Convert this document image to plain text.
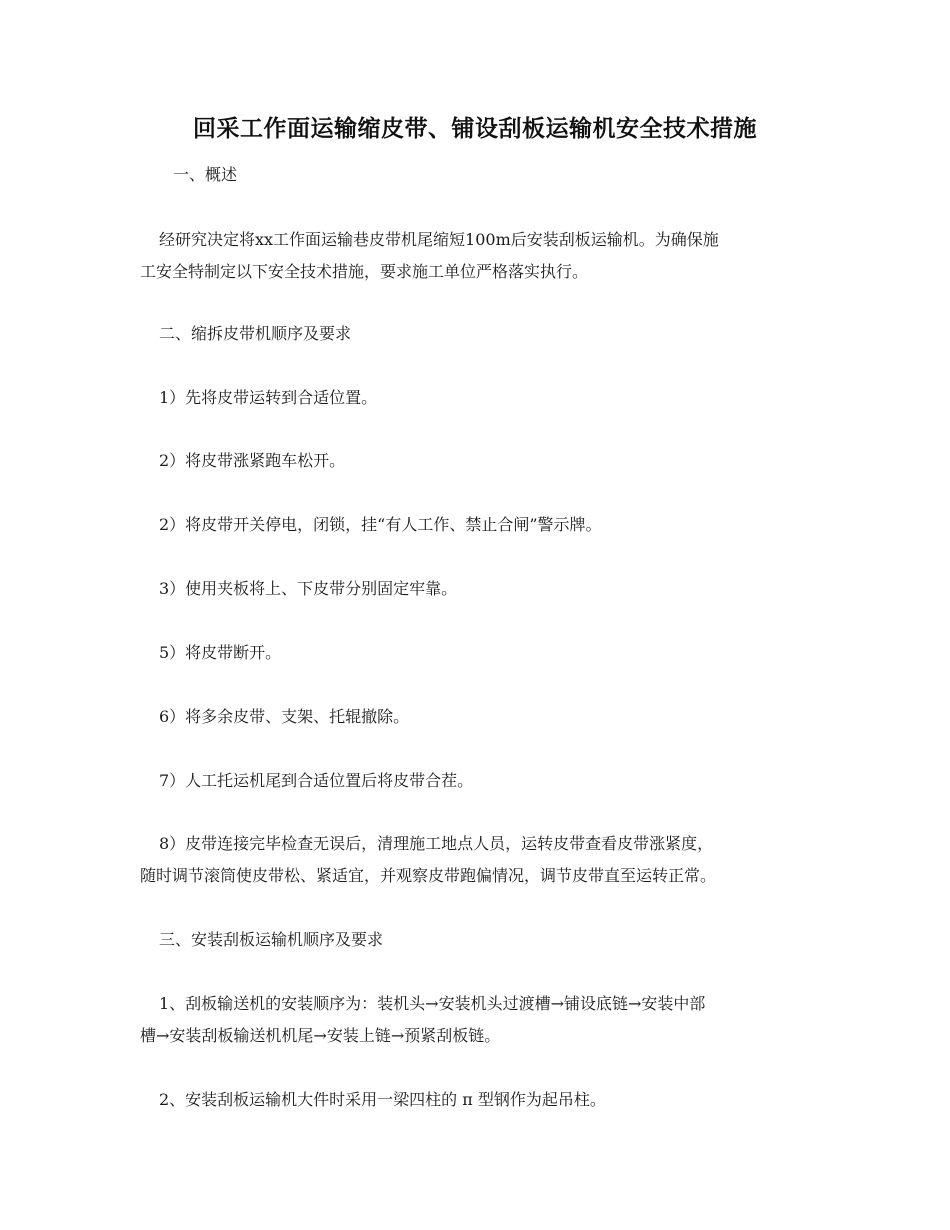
回采工作面运输缩皮带、铺设刮板运输机安全技术措施
一、概述
经研究决定将xx工作面运输巷皮带机尾缩短100m后安装刮板运输机。为确保施
工安全特制定以下安全技术措施，要求施工单位严格落实执行。
二、缩拆皮带机顺序及要求
1）先将皮带运转到合适位置。
2）将皮带涨紧跑车松开。
2）将皮带开关停电，闭锁，挂“有人工作、禁止合闸”警示牌。
3）使用夹板将上、下皮带分别固定牢靠。
5）将皮带断开。
6）将多余皮带、支架、托辊撤除。
7）人工托运机尾到合适位置后将皮带合茬。
8）皮带连接完毕检查无误后，清理施工地点人员，运转皮带查看皮带涨紧度，
随时调节滚筒使皮带松、紧适宜，并观察皮带跑偏情况，调节皮带直至运转正常。
三、安装刮板运输机顺序及要求
1、刮板输送机的安装顺序为：装机头→安装机头过渡槽→铺设底链→安装中部
槽→安装刮板输送机机尾→安装上链→预紧刮板链。
2、安装刮板运输机大件时采用一梁四柱的 π 型钢作为起吊柱。
